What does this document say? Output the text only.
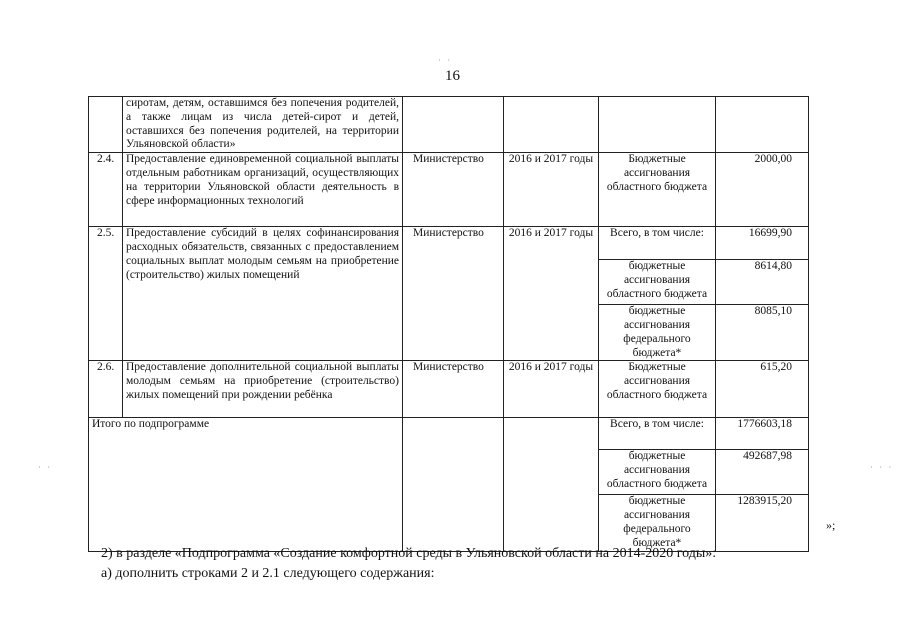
16
	сиротам, детям, оставшимся без попечения родителей, а также лицам из числа детей-сирот и детей, оставшихся без попечения родителей, на территории Ульяновской области»				
2.4.	Предоставление единовременной социальной выплаты отдельным работникам организаций, осуществляющих на территории Ульяновской области деятельность в сфере информационных технологий	Министерство	2016 и 2017 годы	Бюджетные ассигнования областного бюджета	2000,00
2.5.	Предоставление субсидий в целях софинансирования расходных обязательств, связанных с предоставлением социальных выплат молодым семьям на приобретение (строительство) жилых помещений	Министерство	2016 и 2017 годы	Всего, в том числе:	16699,90
				бюджетные ассигнования областного бюджета	8614,80
				бюджетные ассигнования федерального бюджета*	8085,10
2.6.	Предоставление дополнительной социальной выплаты молодым семьям на приобретение (строительство) жилых помещений при рождении ребёнка	Министерство	2016 и 2017 годы	Бюджетные ассигнования областного бюджета	615,20
Итого по подпрограмме				Всего, в том числе:	1776603,18
				бюджетные ассигнования областного бюджета	492687,98
				бюджетные ассигнования федерального бюджета*	1283915,20
»;
2) в разделе «Подпрограмма «Создание комфортной среды в Ульяновской области на 2014-2020 годы»:
а) дополнить строками 2 и 2.1 следующего содержания:
· ·
· ·	· · ·
